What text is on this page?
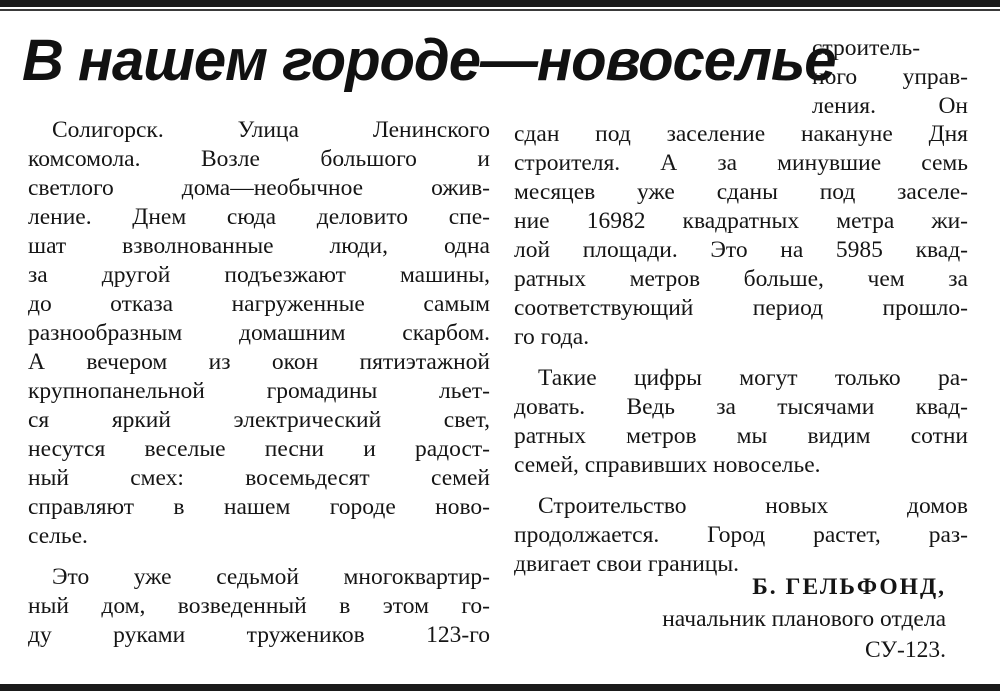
В нашем городе—новоселье
строитель-
ного управ-
ления. Он
Солигорск. Улица Ленинского
комсомола. Возле большого и
светлого дома—необычное ожив-
ление. Днем сюда деловито спе-
шат взволнованные люди, одна
за другой подъезжают машины,
до отказа нагруженные самым
разнообразным домашним скарбом.
А вечером из окон пятиэтажной
крупнопанельной громадины льет-
ся яркий электрический свет,
несутся веселые песни и радост-
ный смех: восемьдесят семей
справляют в нашем городе ново-
селье.
Это уже седьмой многоквартир-
ный дом, возведенный в этом го-
ду руками тружеников 123-го
сдан под заселение накануне Дня
строителя. А за минувшие семь
месяцев уже сданы под заселе-
ние 16982 квадратных метра жи-
лой площади. Это на 5985 квад-
ратных метров больше, чем за
соответствующий период прошло-
го года.
Такие цифры могут только ра-
довать. Ведь за тысячами квад-
ратных метров мы видим сотни
семей, справивших новоселье.
Строительство новых домов
продолжается. Город растет, раз-
двигает свои границы.
Б. ГЕЛЬФОНД,
начальник планового отдела
СУ-123.
